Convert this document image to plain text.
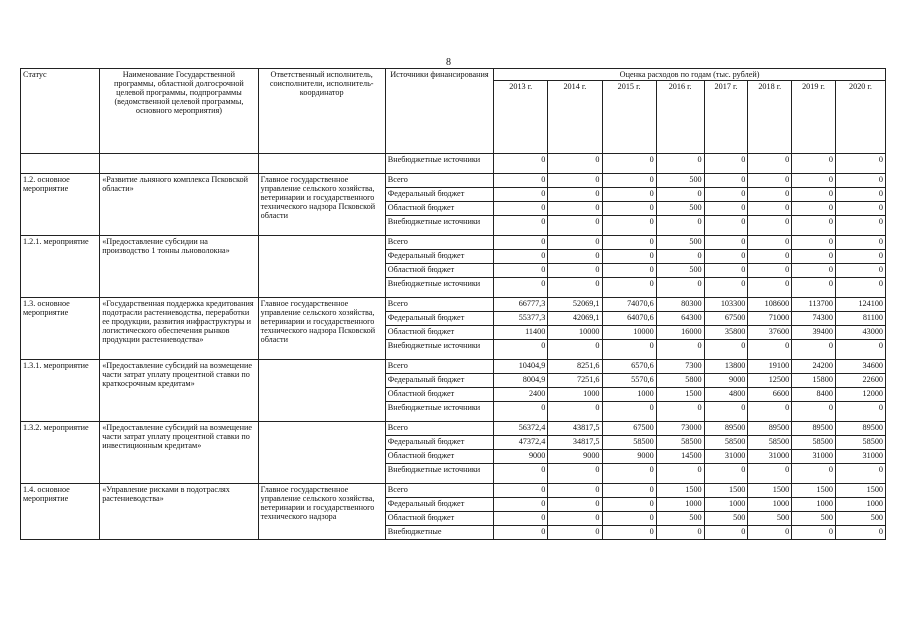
8
Статус	Наименование Государственной программы, областной долгосрочной целевой программы, подпрограммы (ведомственной целевой программы, основного мероприятия)	Ответственный исполнитель, соисполнители, исполнитель-координатор	Источники финансирования	Оценка расходов по годам (тыс. рублей)							
				2013 г.	2014 г.	2015 г.	2016 г.	2017 г.	2018 г.	2019 г.	2020 г.
			Внебюджетные источники	0	0	0	0	0	0	0	0
1.2. основное мероприятие	«Развитие льняного комплекса Псковской области»	Главное государственное управление сельского хозяйства, ветеринарии и государственного технического надзора Псковской области	Всего	0	0	0	500	0	0	0	0
			Федеральный бюджет	0	0	0	0	0	0	0	0
			Областной бюджет	0	0	0	500	0	0	0	0
			Внебюджетные источники	0	0	0	0	0	0	0	0
1.2.1. мероприятие	«Предоставление субсидии на производство 1 тонны льноволокна»		Всего	0	0	0	500	0	0	0	0
			Федеральный бюджет	0	0	0	0	0	0	0	0
			Областной бюджет	0	0	0	500	0	0	0	0
			Внебюджетные источники	0	0	0	0	0	0	0	0
1.3. основное мероприятие	«Государственная поддержка кредитования подотрасли растениеводства, переработки ее продукции, развития инфраструктуры и логистического обеспечения рынков продукции растениеводства»	Главное государственное управление сельского хозяйства, ветеринарии и государственного технического надзора Псковской области	Всего	66777,3	52069,1	74070,6	80300	103300	108600	113700	124100
			Федеральный бюджет	55377,3	42069,1	64070,6	64300	67500	71000	74300	81100
			Областной бюджет	11400	10000	10000	16000	35800	37600	39400	43000
			Внебюджетные источники	0	0	0	0	0	0	0	0
1.3.1. мероприятие	«Предоставление субсидий на возмещение части затрат уплату процентной ставки по краткосрочным кредитам»		Всего	10404,9	8251,6	6570,6	7300	13800	19100	24200	34600
			Федеральный бюджет	8004,9	7251,6	5570,6	5800	9000	12500	15800	22600
			Областной бюджет	2400	1000	1000	1500	4800	6600	8400	12000
			Внебюджетные источники	0	0	0	0	0	0	0	0
1.3.2. мероприятие	«Предоставление субсидий на возмещение части затрат уплату процентной ставки по инвестиционным кредитам»		Всего	56372,4	43817,5	67500	73000	89500	89500	89500	89500
			Федеральный бюджет	47372,4	34817,5	58500	58500	58500	58500	58500	58500
			Областной бюджет	9000	9000	9000	14500	31000	31000	31000	31000
			Внебюджетные источники	0	0	0	0	0	0	0	0
1.4. основное мероприятие	«Управление рисками в подотраслях растениеводства»	Главное государственное управление сельского хозяйства, ветеринарии и государственного технического надзора	Всего	0	0	0	1500	1500	1500	1500	1500
			Федеральный бюджет	0	0	0	1000	1000	1000	1000	1000
			Областной бюджет	0	0	0	500	500	500	500	500
			Внебюджетные	0	0	0	0	0	0	0	0
